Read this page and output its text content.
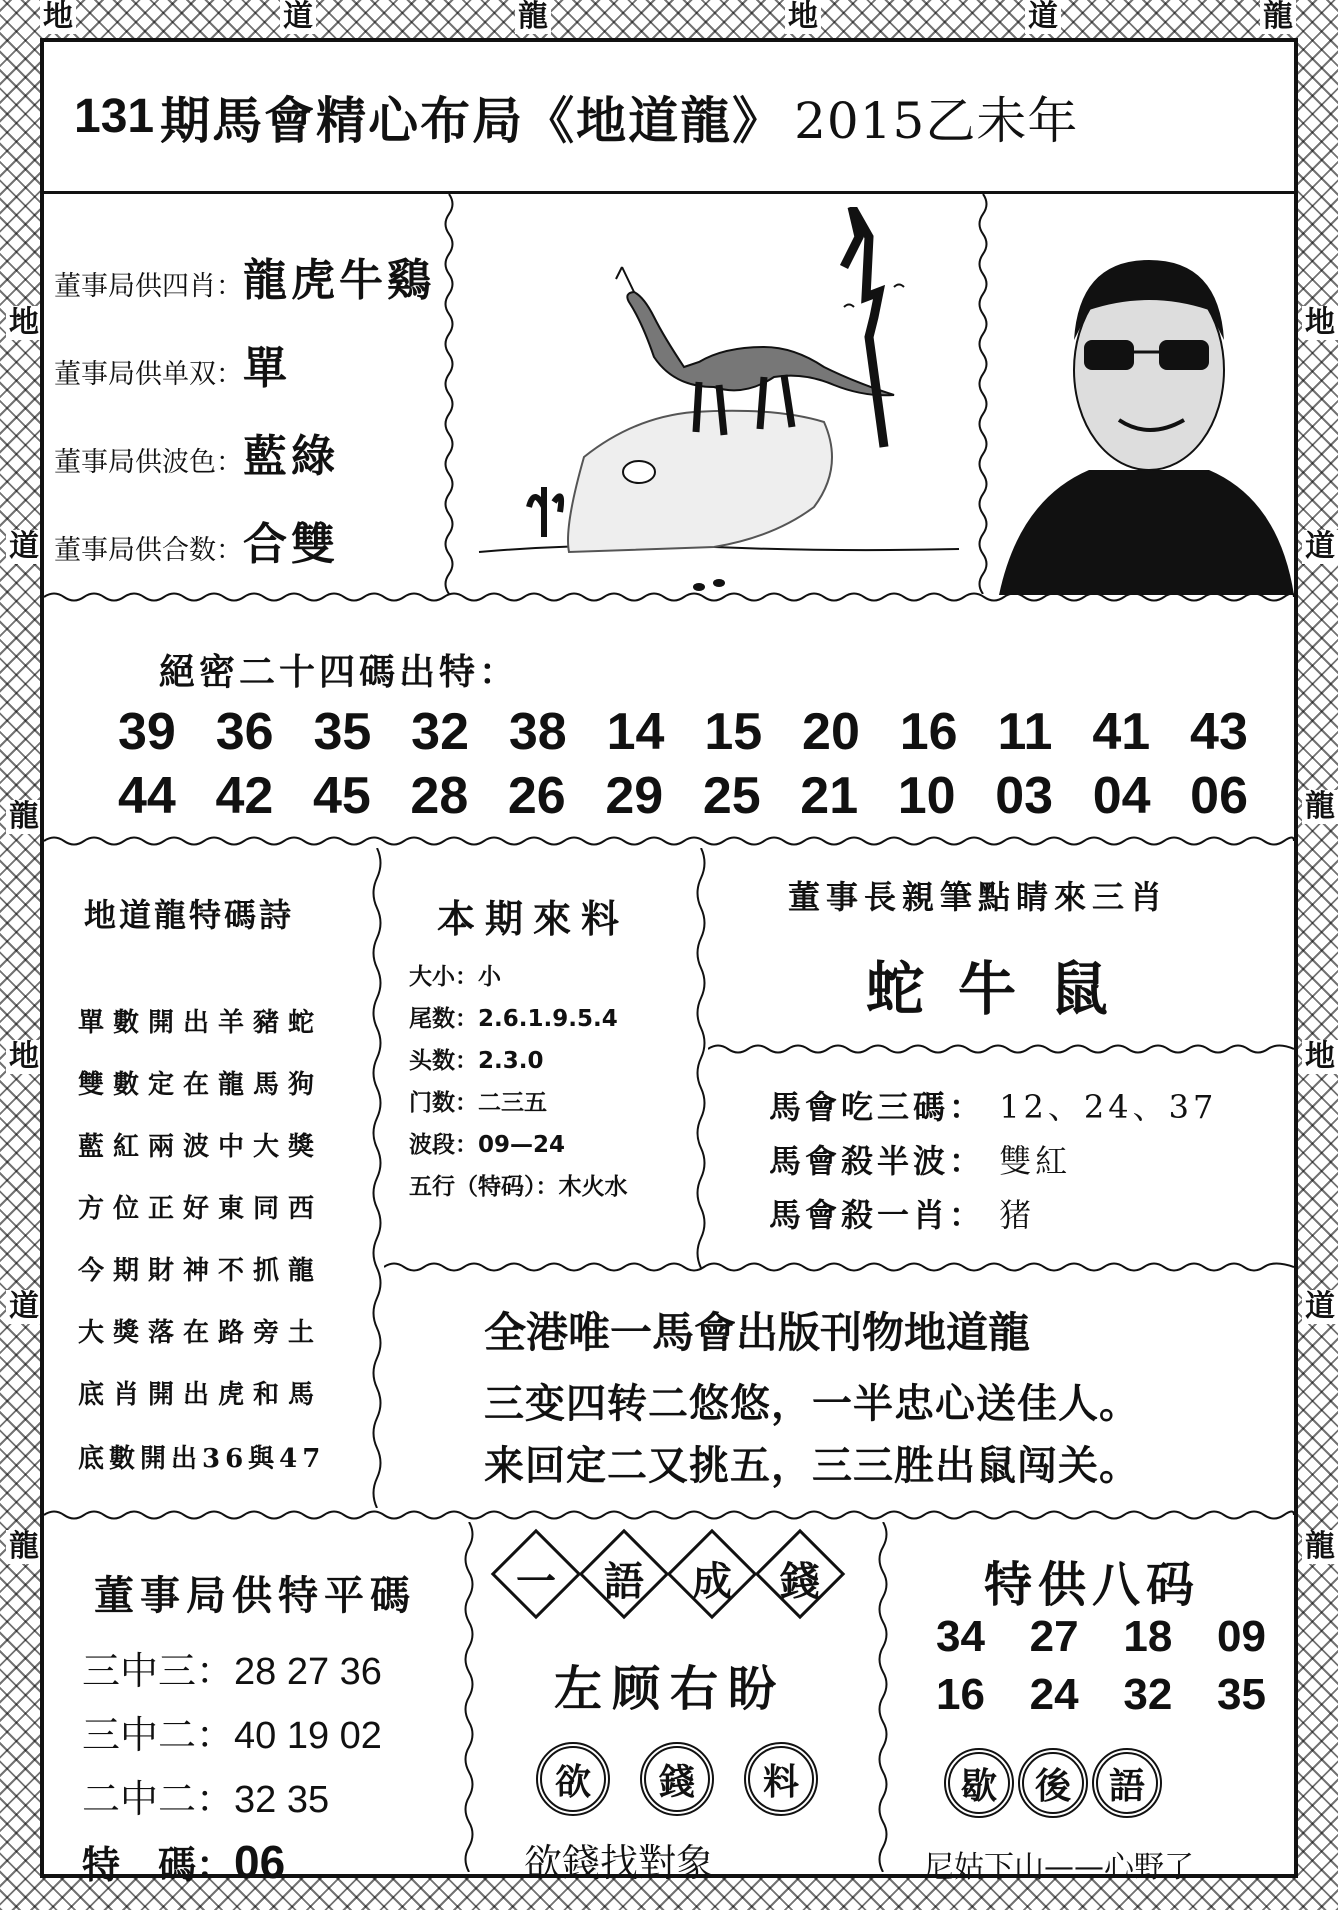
地
道
龍
地
道
龍
地
道
龍
地
道
龍
地	道	龍	地	道	龍
131 期馬會精心布局《地道龍》 2015乙未年
董事局供四肖： 龍虎牛鷄
董事局供单双： 單
董事局供波色： 藍綠
董事局供合数： 合雙
絕密二十四碼出特：
39 36 35 32 38 14 15 20 16 11 41 43
44 42 45 28 26 29 25 21 10 03 04 06
地道龍特碼詩
單數開出羊豬蛇
雙數定在龍馬狗
藍紅兩波中大獎
方位正好東同西
今期財神不抓龍
大獎落在路旁土
底肖開出虎和馬
底數開出36與47
本期來料
大小：小
尾数：2.6.1.9.5.4
头数：2.3.0
门数：二三五
波段：09—24
五行（特码）：木火水
董事長親筆點睛來三肖
蛇牛鼠
馬會吃三碼： 12、24、37
馬會殺半波： 雙紅
馬會殺一肖： 猪
全港唯一馬會出版刊物地道龍
三变四转二悠悠，一半忠心送佳人。
来回定二又挑五，三三胜出鼠闯关。
董事局供特平碼
三中三：28 27 36
三中二：40 19 02
二中二：32 35
特　碼： 06
一	語	成	錢
左顾右盼
欲	錢	料
欲錢找對象
特供八码
34 27 18 09
16 24 32 35
歇	後	語
尼姑下山——心野了
